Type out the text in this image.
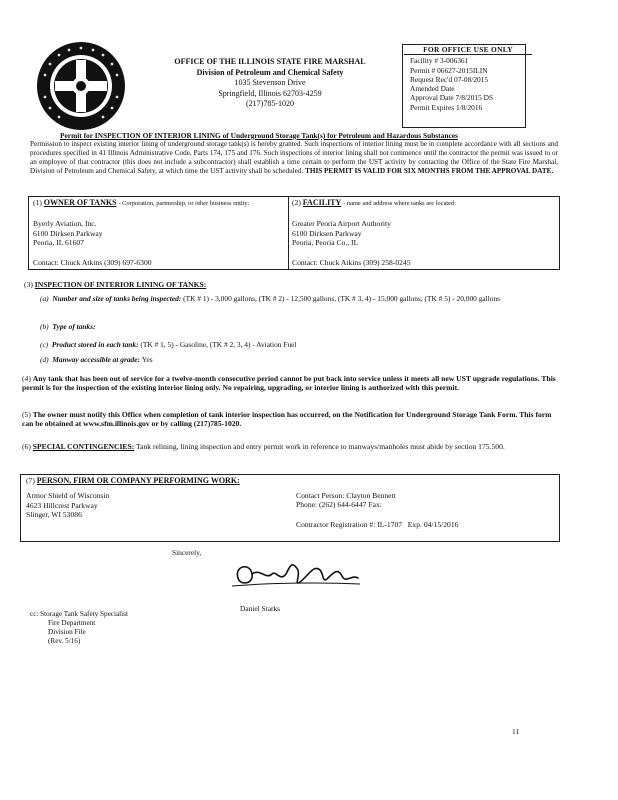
OFFICE OF THE ILLINOIS STATE FIRE MARSHAL
Division of Petroleum and Chemical Safety
1035 Stevenson Drive
Springfield, Illinois 62703-4259
(217)785-1020
FOR OFFICE USE ONLY
Facility # 3-006361
Permit # 06627-2015ILIN
Request Rec'd 07-08/2015
Amended Date
Approval Date 7/8/2015 DS
Permit Expires 1/8/2016
Permit for INSPECTION OF INTERIOR LINING of Underground Storage Tank(s) for Petroleum and Hazardous Substances
Permission to inspect existing interior lining of underground storage tank(s) is hereby granted. Such inspections of interior lining must be in complete accordance with all sections and procedures specified in 41 Illinois Administrative Code, Parts 174, 175 and 176. Such inspections of interior lining shall not commence until the contractor the permit was issued to or an employee of that contractor (this does not include a subcontractor) shall establish a time certain to perform the UST activity by contacting the Office of the State Fire Marshal, Division of Petroleum and Chemical Safety, at which time the UST activity shall be scheduled. THIS PERMIT IS VALID FOR SIX MONTHS FROM THE APPROVAL DATE.
(1) OWNER OF TANKS - Corporation, partnership, or other business entity:
Byerly Aviation, Inc.
6100 Dirksen Parkway
Peoria, IL 61607
Contact: Chuck Atkins (309) 697-6300
(2) FACILITY - name and address where tanks are located:
Greater Peoria Airport Authority
6100 Dirksen Parkway
Peoria, Peoria Co., IL
Contact: Chuck Atkins (309) 258-0245
(3) INSPECTION OF INTERIOR LINING OF TANKS:
(a) Number and size of tanks being inspected: (TK # 1) - 3,000 gallons, (TK # 2) - 12,500 gallons, (TK # 3, 4) - 15,000 gallons, (TK # 5) - 20,000 gallons
(b) Type of tanks:
(c) Product stored in each tank: (TK # 1, 5) - Gasoline, (TK # 2, 3, 4) - Aviation Fuel
(d) Manway accessible at grade: Yes
(4) Any tank that has been out of service for a twelve-month consecutive period cannot be put back into service unless it meets all new UST upgrade regulations. This permit is for the inspection of the existing interior lining only. No repairing, upgrading, or interior lining is authorized with this permit.
(5) The owner must notify this Office when completion of tank interior inspection has occurred, on the Notification for Underground Storage Tank Form. This form can be obtained at www.sfm.illinois.gov or by calling (217)785-1020.
(6) SPECIAL CONTINGENCIES: Tank relining, lining inspection and entry permit work in reference to manways/manholes must abide by section 175.500.
(7) PERSON, FIRM OR COMPANY PERFORMING WORK:
Armor Shield of Wisconsin
4623 Hillcrest Parkway
Slinger, WI 53086
Contact Person: Clayton Bennett
Phone: (262) 644-6447 Fax:
Contractor Registration #: IL-1707 Exp. 04/15/2016
Sincerely,
Daniel Starks
cc: Storage Tank Safety Specialist
Fire Department
Division File
(Rev. 5/16)
11
